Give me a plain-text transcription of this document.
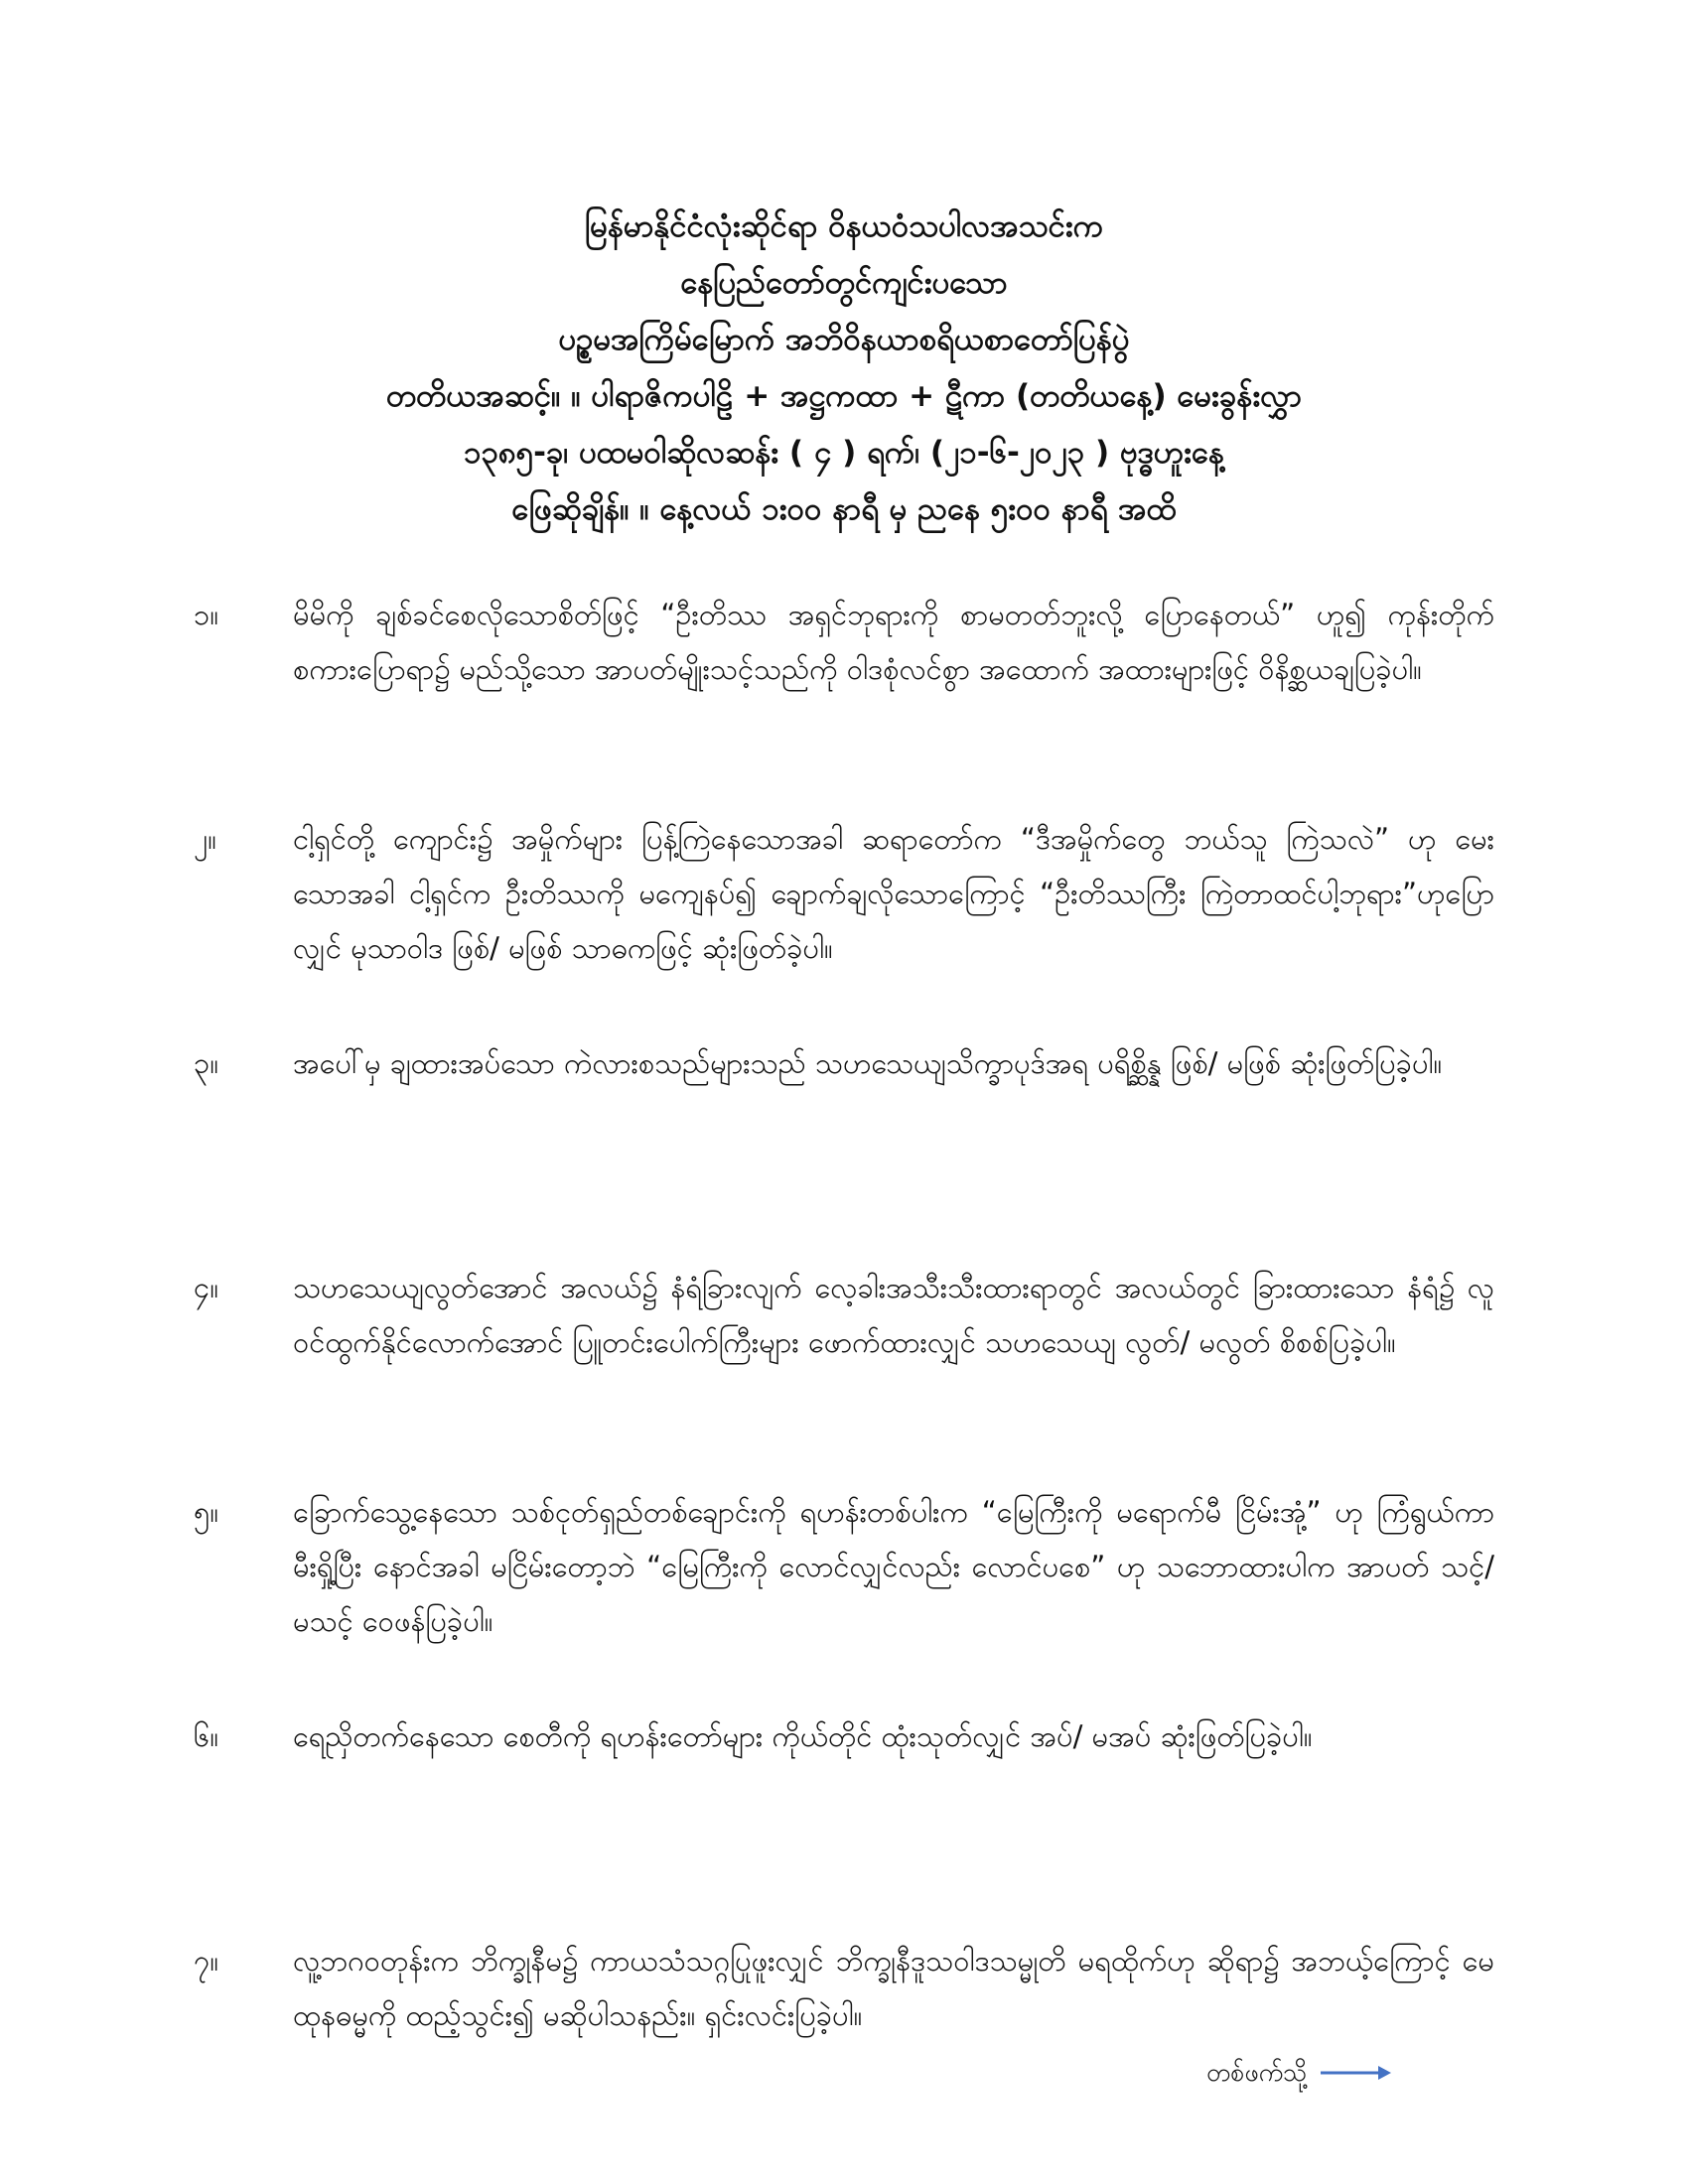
မြန်မာနိုင်ငံလုံးဆိုင်ရာ ဝိနယဝံသပါလအသင်းက
နေပြည်တော်တွင်ကျင်းပသော
ပဉ္စမအကြိမ်မြောက် အဘိဝိနယာစရိယစာတော်ပြန်ပွဲ
တတိယအဆင့်။ ။ ပါရာဇိကပါဠိ + အဋ္ဌကထာ + ဋီကာ (တတိယနေ့) မေးခွန်းလွှာ
၁၃၈၅-ခု၊ ပထမဝါဆိုလဆန်း ( ၄ ) ရက်၊ (၂၁-၆-၂၀၂၃ ) ဗုဒ္ဓဟူးနေ့
ဖြေဆိုချိန်။ ။ နေ့လယ် ၁း၀၀ နာရီ မှ ညနေ ၅း၀၀ နာရီ အထိ
၁။	မိမိကို ချစ်ခင်စေလိုသောစိတ်ဖြင့် “ဦးတိဿ အရှင်ဘုရားကို စာမတတ်ဘူးလို့ ပြောနေတယ်” ဟူ၍ ကုန်းတိုက်စကားပြောရာ၌ မည်သို့သော အာပတ်မျိုးသင့်သည်ကို ဝါဒစုံလင်စွာ အထောက် အထားများဖြင့် ဝိနိစ္ဆယချပြခဲ့ပါ။
၂။	ငါ့ရှင်တို့ ကျောင်း၌ အမှိုက်များ ပြန့်ကြဲနေသောအခါ ဆရာတော်က “ဒီအမှိုက်တွေ ဘယ်သူ ကြဲသလဲ” ဟု မေးသောအခါ ငါ့ရှင်က ဦးတိဿကို မကျေနပ်၍ ချောက်ချလိုသောကြောင့် “ဦးတိဿကြီး ကြဲတာထင်ပါ့ဘုရား”ဟုပြောလျှင် မုသာဝါဒ ဖြစ်/ မဖြစ် သာဓကဖြင့် ဆုံးဖြတ်ခဲ့ပါ။
၃။	အပေါ်မှ ချထားအပ်သော ကဲလားစသည်များသည် သဟသေယျသိက္ခာပုဒ်အရ ပရိစ္ဆိန္န ဖြစ်/ မဖြစ် ဆုံးဖြတ်ပြခဲ့ပါ။
၄။	သဟသေယျလွတ်အောင် အလယ်၌ နံရံခြားလျက် လေ့ခါးအသီးသီးထားရာတွင် အလယ်တွင် ခြားထားသော နံရံ၌ လူဝင်ထွက်နိုင်လောက်အောင် ပြူတင်းပေါက်ကြီးများ ဖောက်ထားလျှင် သဟသေယျ လွတ်/ မလွတ် စိစစ်ပြခဲ့ပါ။
၅။	ခြောက်သွေ့နေသော သစ်ငုတ်ရှည်တစ်ချောင်းကို ရဟန်းတစ်ပါးက “မြေကြီးကို မရောက်မီ ငြိမ်းအုံ့” ဟု ကြံရွယ်ကာ မီးရှို့ပြီး နောင်အခါ မငြိမ်းတော့ဘဲ “မြေကြီးကို လောင်လျှင်လည်း လောင်ပစေ” ဟု သဘောထားပါက အာပတ် သင့်/ မသင့် ဝေဖန်ပြခဲ့ပါ။
၆။	ရေညှိတက်နေသော စေတီကို ရဟန်းတော်များ ကိုယ်တိုင် ထုံးသုတ်လျှင် အပ်/ မအပ် ဆုံးဖြတ်ပြခဲ့ပါ။
၇။	လူ့ဘဂဝတုန်းက ဘိက္ခုနီမ၌ ကာယသံသဂ္ဂပြုဖူးလျှင် ဘိက္ခုနီဒူသဝါဒသမ္မုတိ မရထိုက်ဟု ဆိုရာ၌ အဘယ့်ကြောင့် မေထုနဓမ္မကို ထည့်သွင်း၍ မဆိုပါသနည်း။ ရှင်းလင်းပြခဲ့ပါ။
တစ်ဖက်သို့
